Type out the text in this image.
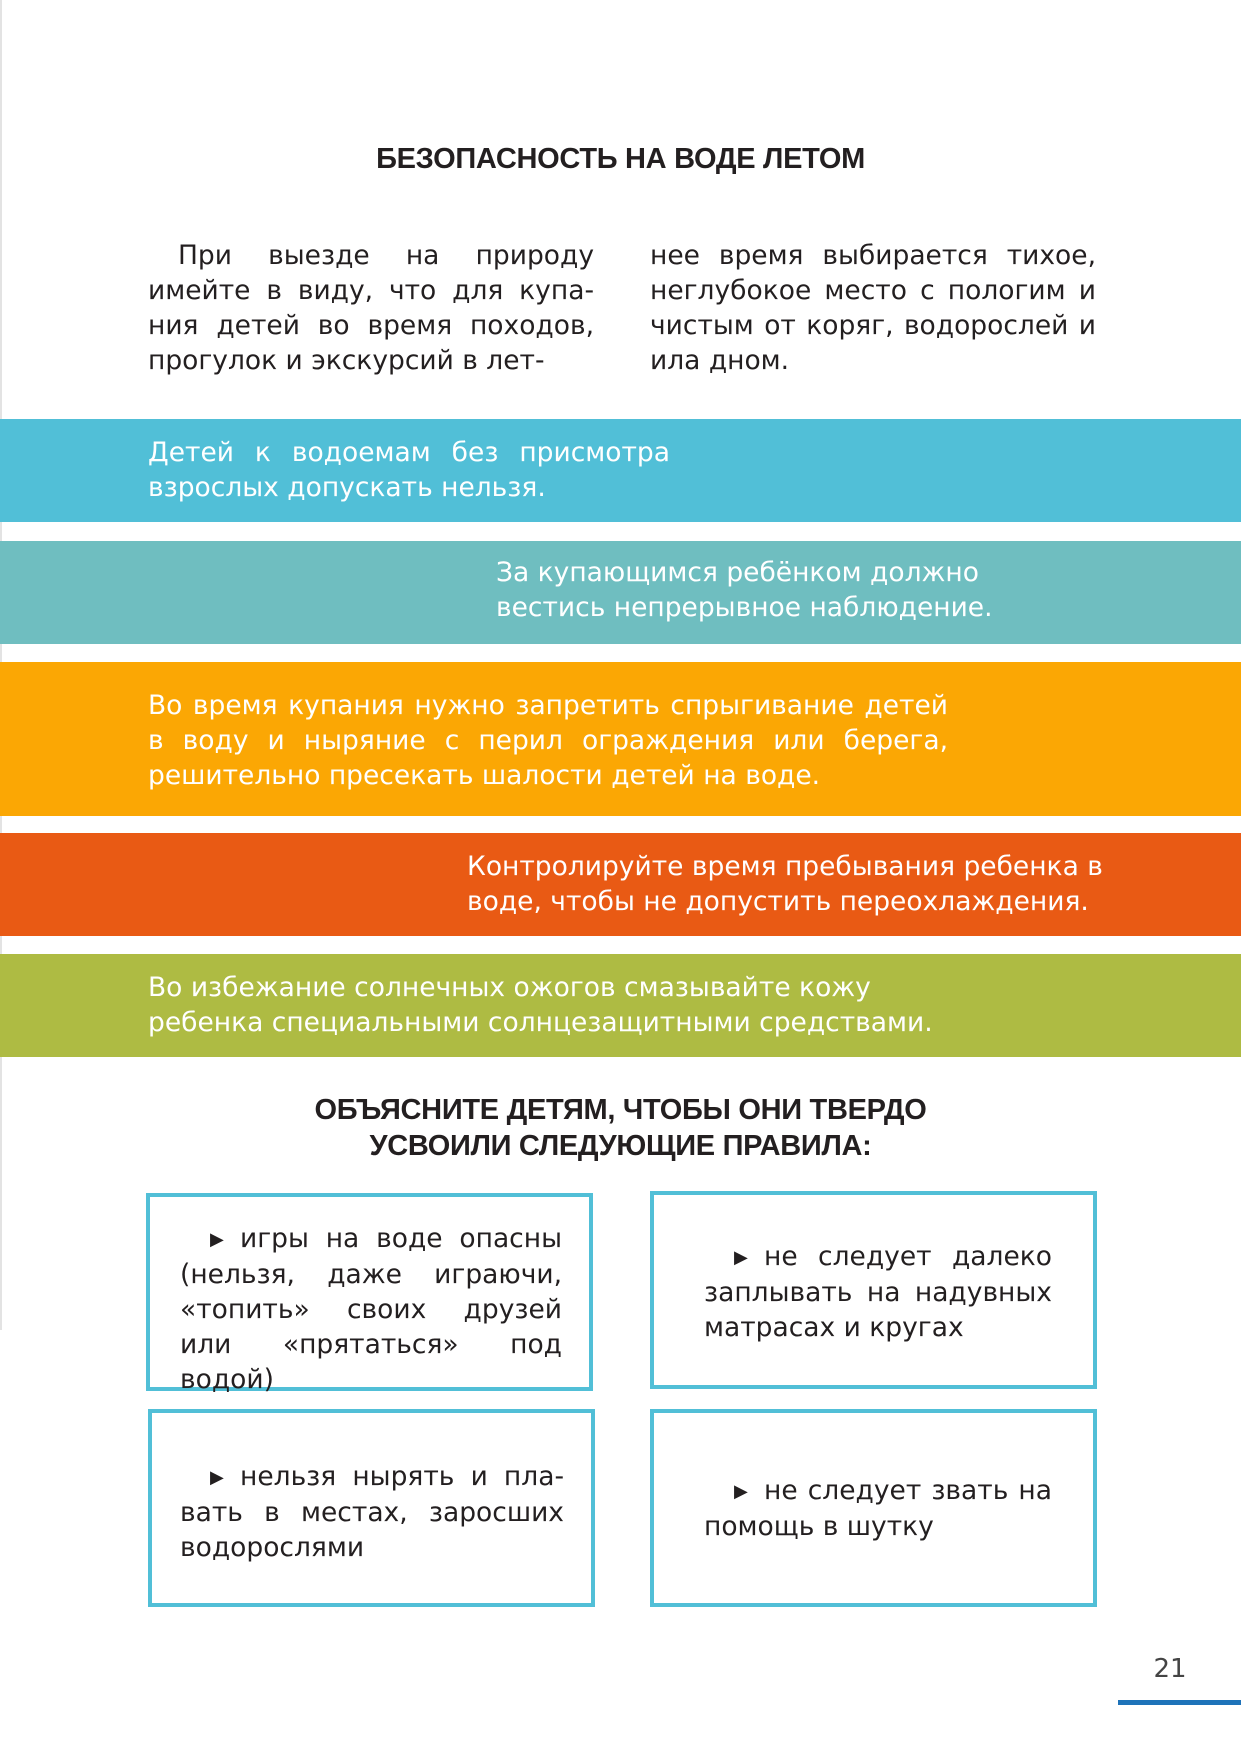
БЕЗОПАСНОСТЬ НА ВОДЕ ЛЕТОМ
При выезде на природу имейте в виду, что для купания детей во время походов, прогулок и экскурсий в лет-
нее время выбирается тихое, неглубокое место с пологим и чистым от коряг, водорослей и ила дном.
Детей к водоемам без присмотра взрослых допускать нельзя.
За купающимся ребёнком должно вестись непрерывное наблюдение.
Во время купания нужно запретить спрыгивание детей в воду и ныряние с перил ограждения или берега, решительно пресекать шалости детей на воде.
Контролируйте время пребывания ребенка в воде, чтобы не допустить переохлаждения.
Во избежание солнечных ожогов смазывайте кожу ребенка специальными солнцезащитными средствами.
ОБЪЯСНИТЕ ДЕТЯМ, ЧТОБЫ ОНИ ТВЕРДО
УСВОИЛИ СЛЕДУЮЩИЕ ПРАВИЛА:
▶ игры на воде опасны (нельзя, даже играючи, «топить» своих друзей или «прятаться» под водой)
▶ не следует далеко заплывать на надувных матрасах и кругах
▶ нельзя нырять и плавать в местах, заросших водорослями
▶ не следует звать на помощь в шутку
21
